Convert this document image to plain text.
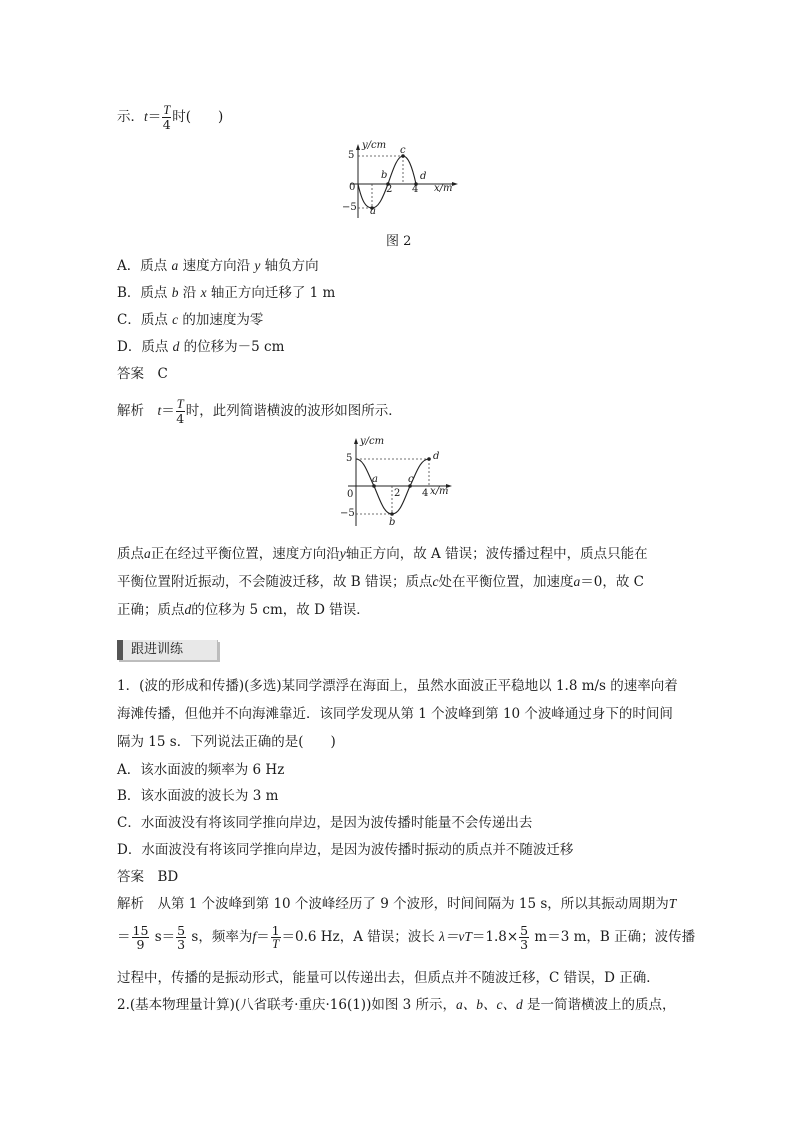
示．$t= \frac{T}{4}$ 时(　　)
y/cm
x/m
5
−5
0	2 4
a
b
c
d
图 2
A．质点 a 速度方向沿 y 轴负方向
B．质点 b 沿 x 轴正方向迁移了 1 m
C．质点 c 的加速度为零
D．质点 d 的位移为－5 cm
答案　C
解析　$t= \frac{T}{4}$ 时，此列简谐横波的波形如图所示．
y/cm
x/m
5
−5
0	2 4
a
b
c
d
质点a正在经过平衡位置，速度方向沿y轴正方向，故 A 错误；波传播过程中，质点只能在
平衡位置附近振动，不会随波迁移，故 B 错误；质点c处在平衡位置，加速度a＝0，故 C
正确；质点d的位移为 5 cm，故 D 错误．
跟进训练
1．(波的形成和传播)(多选)某同学漂浮在海面上，虽然水面波正平稳地以 1.8 m/s 的速率向着
海滩传播，但他并不向海滩靠近．该同学发现从第 1 个波峰到第 10 个波峰通过身下的时间间
隔为 15 s．下列说法正确的是(　　)
A．该水面波的频率为 6 Hz
B．该水面波的波长为 3 m
C．水面波没有将该同学推向岸边，是因为波传播时能量不会传递出去
D．水面波没有将该同学推向岸边，是因为波传播时振动的质点并不随波迁移
答案　BD
解析　从第 1 个波峰到第 10 个波峰经历了 9 个波形，时间间隔为 15 s，所以其振动周期为T
＝ $\frac{15}{9} s= \frac{5}{3}$ s，频率为$f= \frac{1}{T} =0.6$ Hz，A 错误；波长 $\lambda=vT=1.8\times \frac{5}{3} m=3$ m，B 正确；波传播
过程中，传播的是振动形式，能量可以传递出去，但质点并不随波迁移，C 错误，D 正确．
2.(基本物理量计算)(八省联考·重庆·16(1))如图 3 所示，a、b、c、d 是一简谐横波上的质点，
